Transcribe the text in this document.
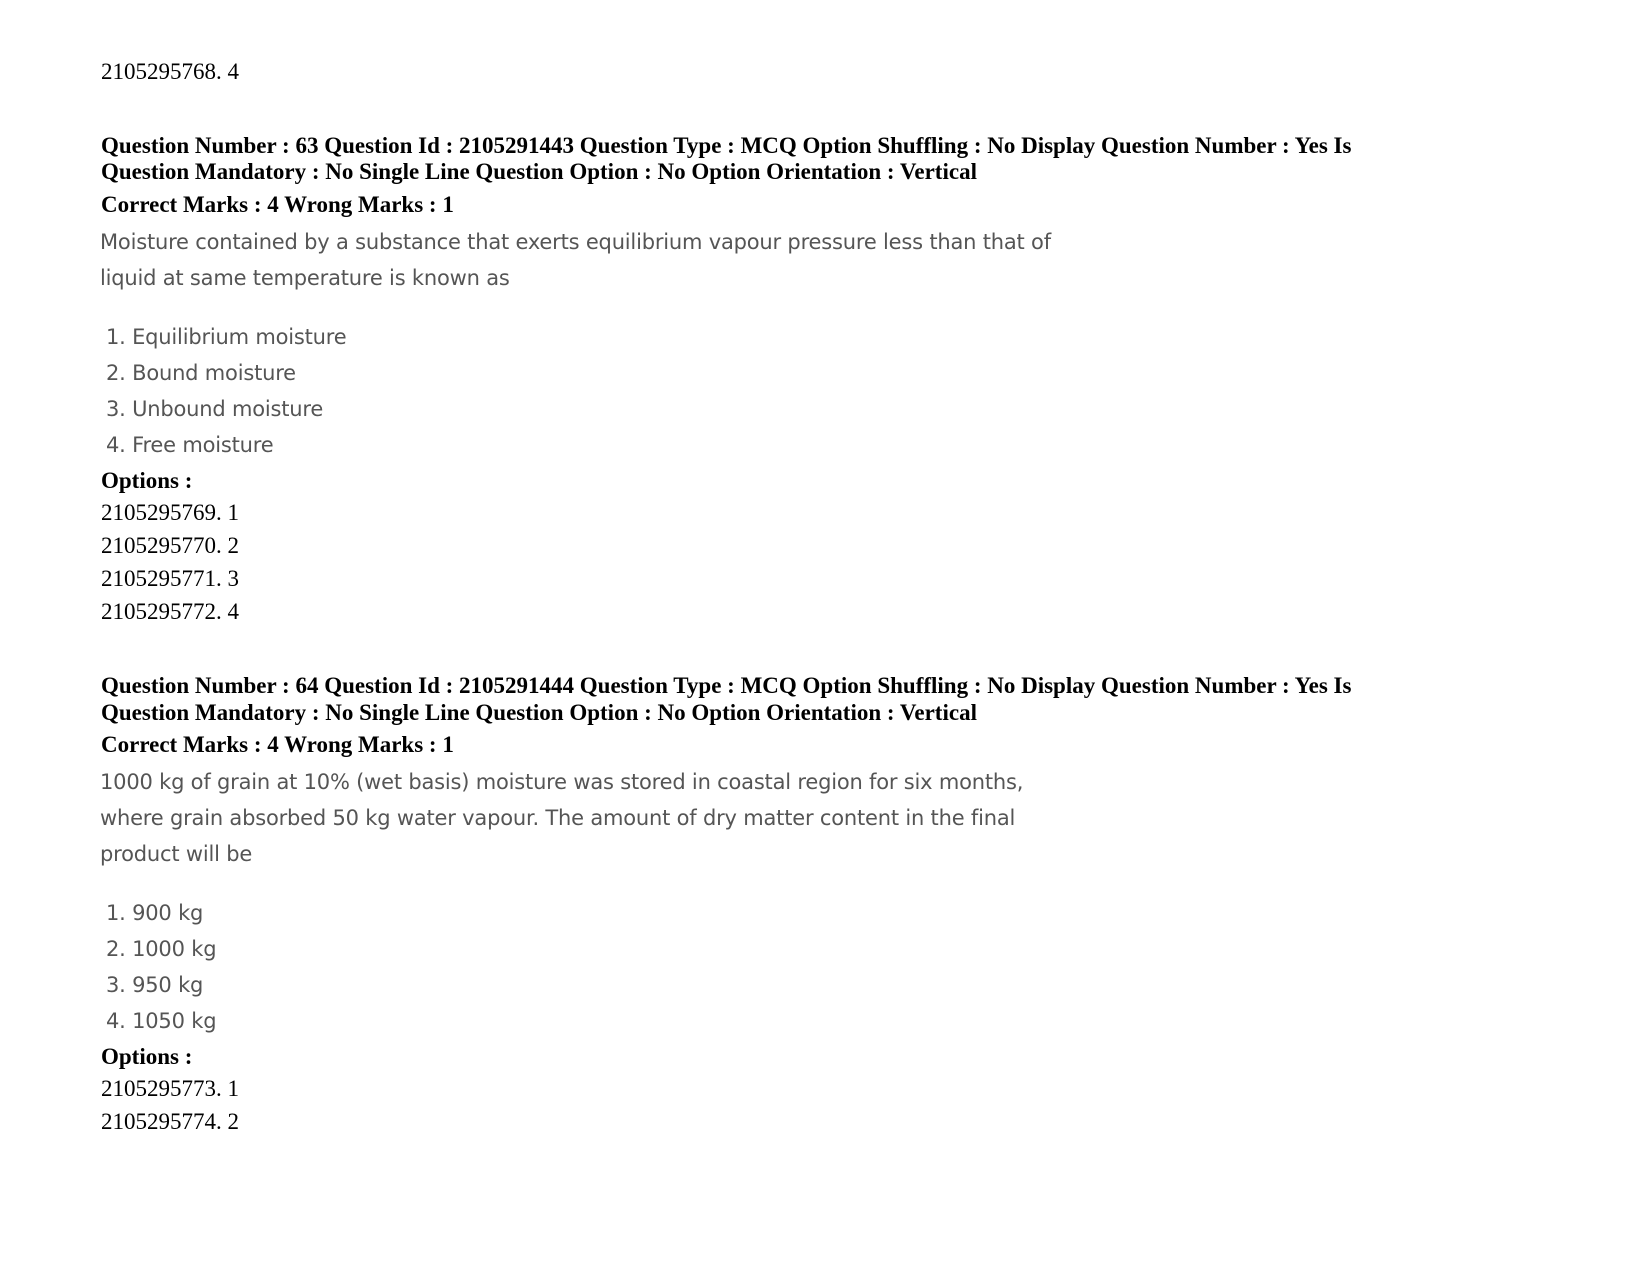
2105295768. 4
Question Number : 63 Question Id : 2105291443 Question Type : MCQ Option Shuffling : No Display Question Number : Yes Is
Question Mandatory : No Single Line Question Option : No Option Orientation : Vertical
Correct Marks : 4 Wrong Marks : 1
Moisture contained by a substance that exerts equilibrium vapour pressure less than that of
liquid at same temperature is known as
1. Equilibrium moisture
2. Bound moisture
3. Unbound moisture
4. Free moisture
Options :
2105295769. 1
2105295770. 2
2105295771. 3
2105295772. 4
Question Number : 64 Question Id : 2105291444 Question Type : MCQ Option Shuffling : No Display Question Number : Yes Is
Question Mandatory : No Single Line Question Option : No Option Orientation : Vertical
Correct Marks : 4 Wrong Marks : 1
1000 kg of grain at 10% (wet basis) moisture was stored in coastal region for six months,
where grain absorbed 50 kg water vapour. The amount of dry matter content in the final
product will be
1. 900 kg
2. 1000 kg
3. 950 kg
4. 1050 kg
Options :
2105295773. 1
2105295774. 2
